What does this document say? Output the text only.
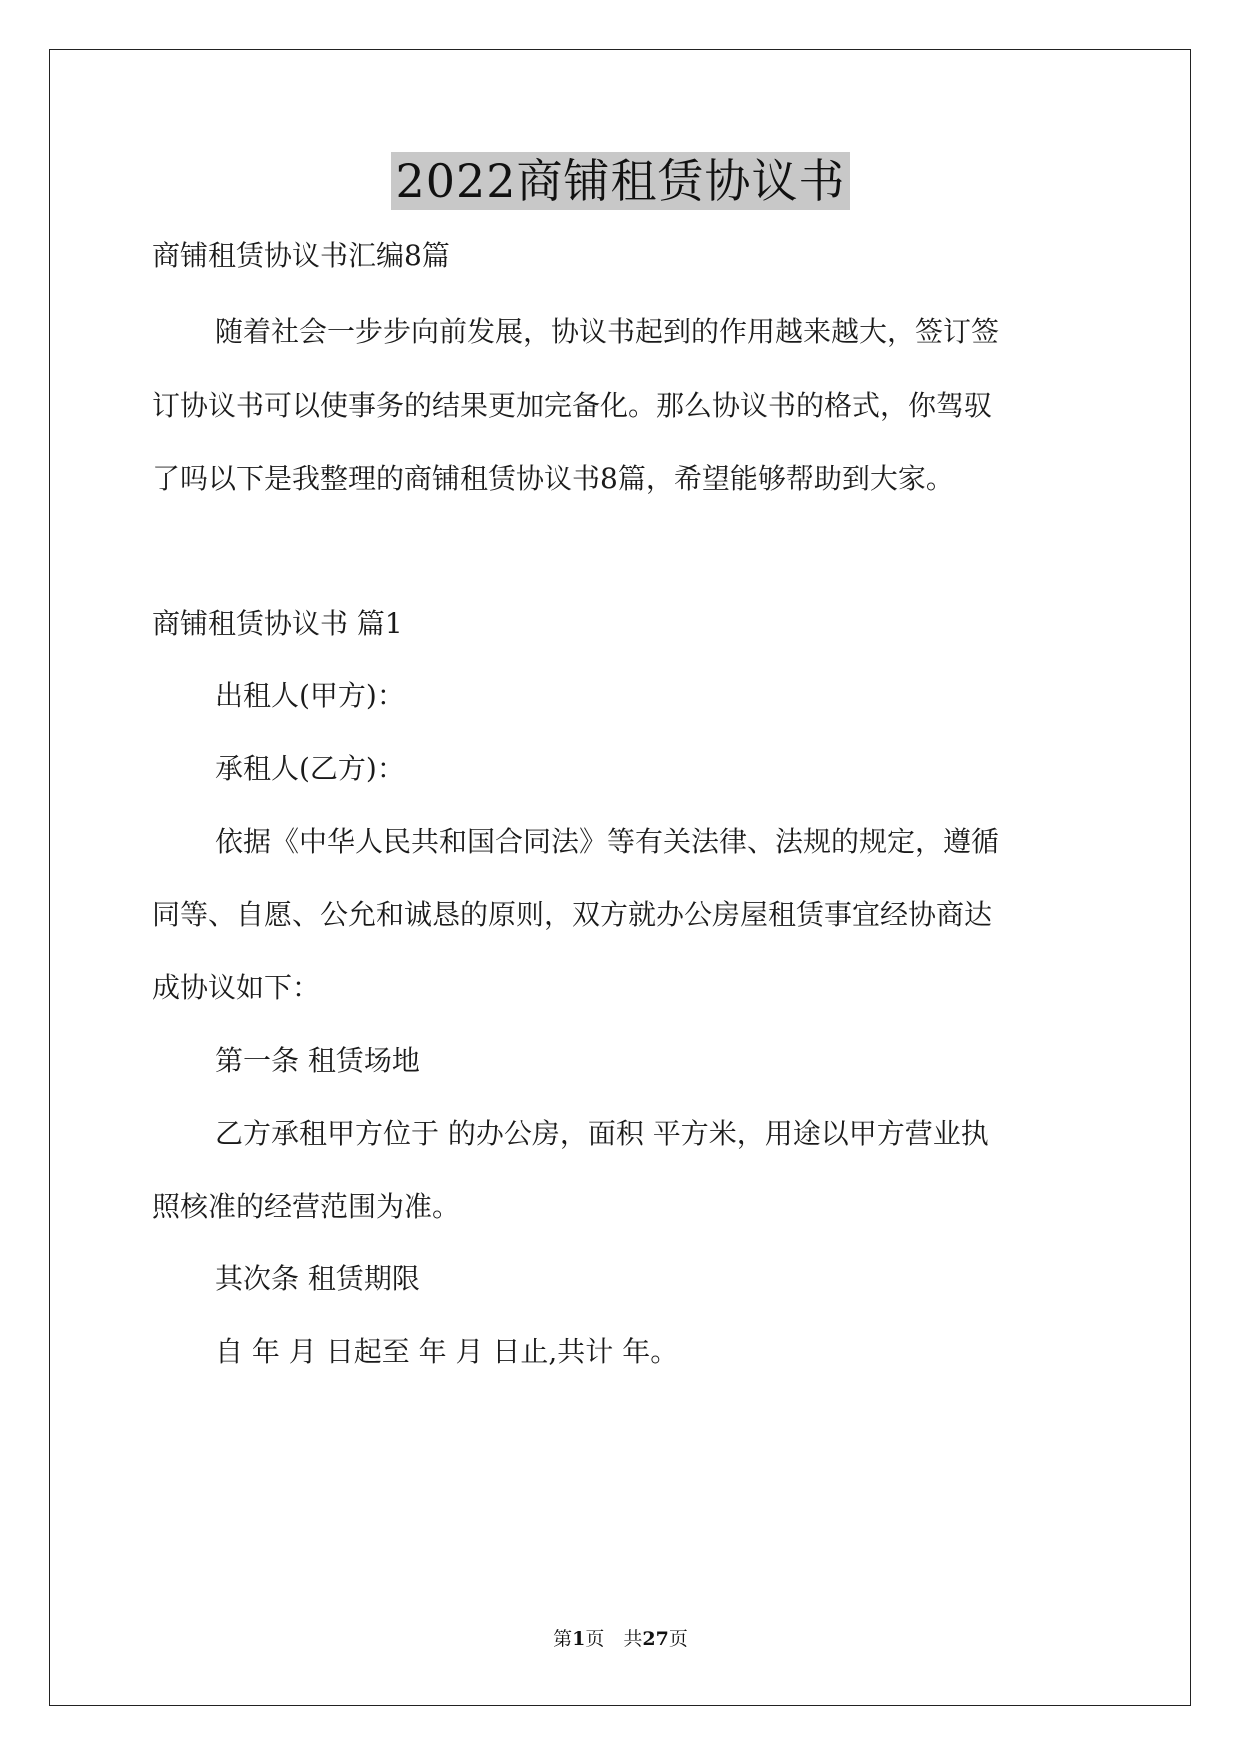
2022商铺租赁协议书
商铺租赁协议书汇编8篇
随着社会一步步向前发展，协议书起到的作用越来越大，签订签
订协议书可以使事务的结果更加完备化。那么协议书的格式，你驾驭
了吗以下是我整理的商铺租赁协议书8篇，希望能够帮助到大家。
商铺租赁协议书 篇1
出租人(甲方)：
承租人(乙方)：
依据《中华人民共和国合同法》等有关法律、法规的规定，遵循
同等、自愿、公允和诚恳的原则，双方就办公房屋租赁事宜经协商达
成协议如下：
第一条 租赁场地
乙方承租甲方位于 的办公房，面积 平方米，用途以甲方营业执
照核准的经营范围为准。
其次条 租赁期限
自 年 月 日起至 年 月 日止,共计 年。
第1页　共27页
